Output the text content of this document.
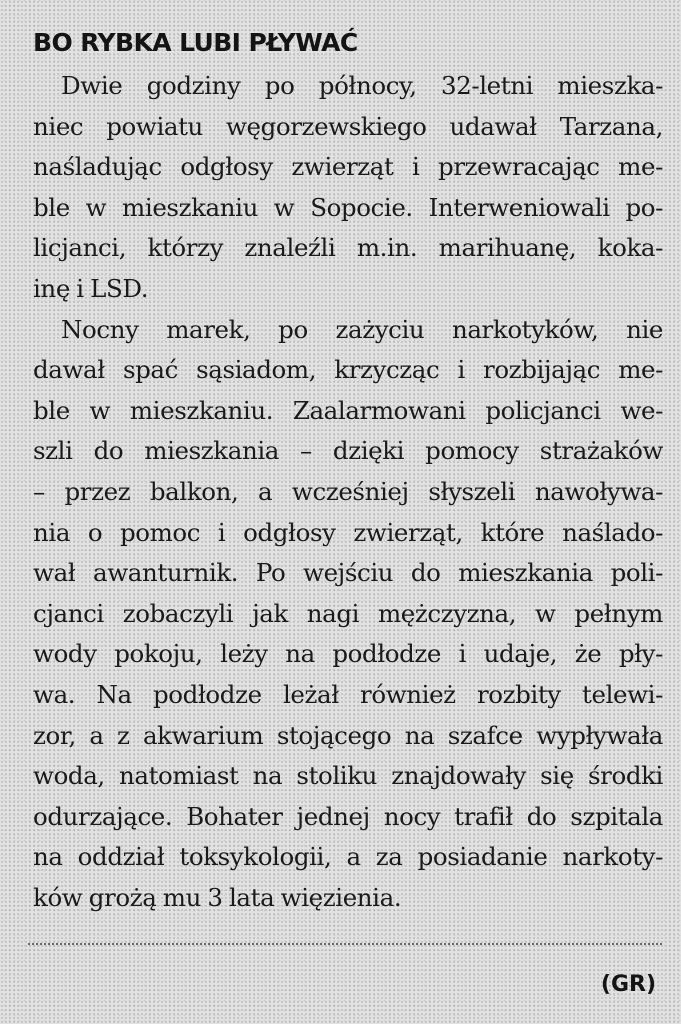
BO RYBKA LUBI PŁYWAĆ

Dwie godziny po północy, 32-letni mieszka-
niec powiatu węgorzewskiego udawał Tarzana,
naśladując odgłosy zwierząt i przewracając me-
ble w mieszkaniu w Sopocie. Interweniowali po-
licjanci, którzy znaleźli m.in. marihuanę, koka-
inę i LSD.

Nocny marek, po zażyciu narkotyków, nie
dawał spać sąsiadom, krzycząc i rozbijając me-
ble w mieszkaniu. Zaalarmowani policjanci we-
szli do mieszkania – dzięki pomocy strażaków
– przez balkon, a wcześniej słyszeli nawoływa-
nia o pomoc i odgłosy zwierząt, które naślado-
wał awanturnik. Po wejściu do mieszkania poli-
cjanci zobaczyli jak nagi mężczyzna, w pełnym
wody pokoju, leży na podłodze i udaje, że pły-
wa. Na podłodze leżał również rozbity telewi-
zor, a z akwarium stojącego na szafce wypływała
woda, natomiast na stoliku znajdowały się środki
odurzające. Bohater jednej nocy trafił do szpitala
na oddział toksykologii, a za posiadanie narkoty-
ków grożą mu 3 lata więzienia.

(GR)
